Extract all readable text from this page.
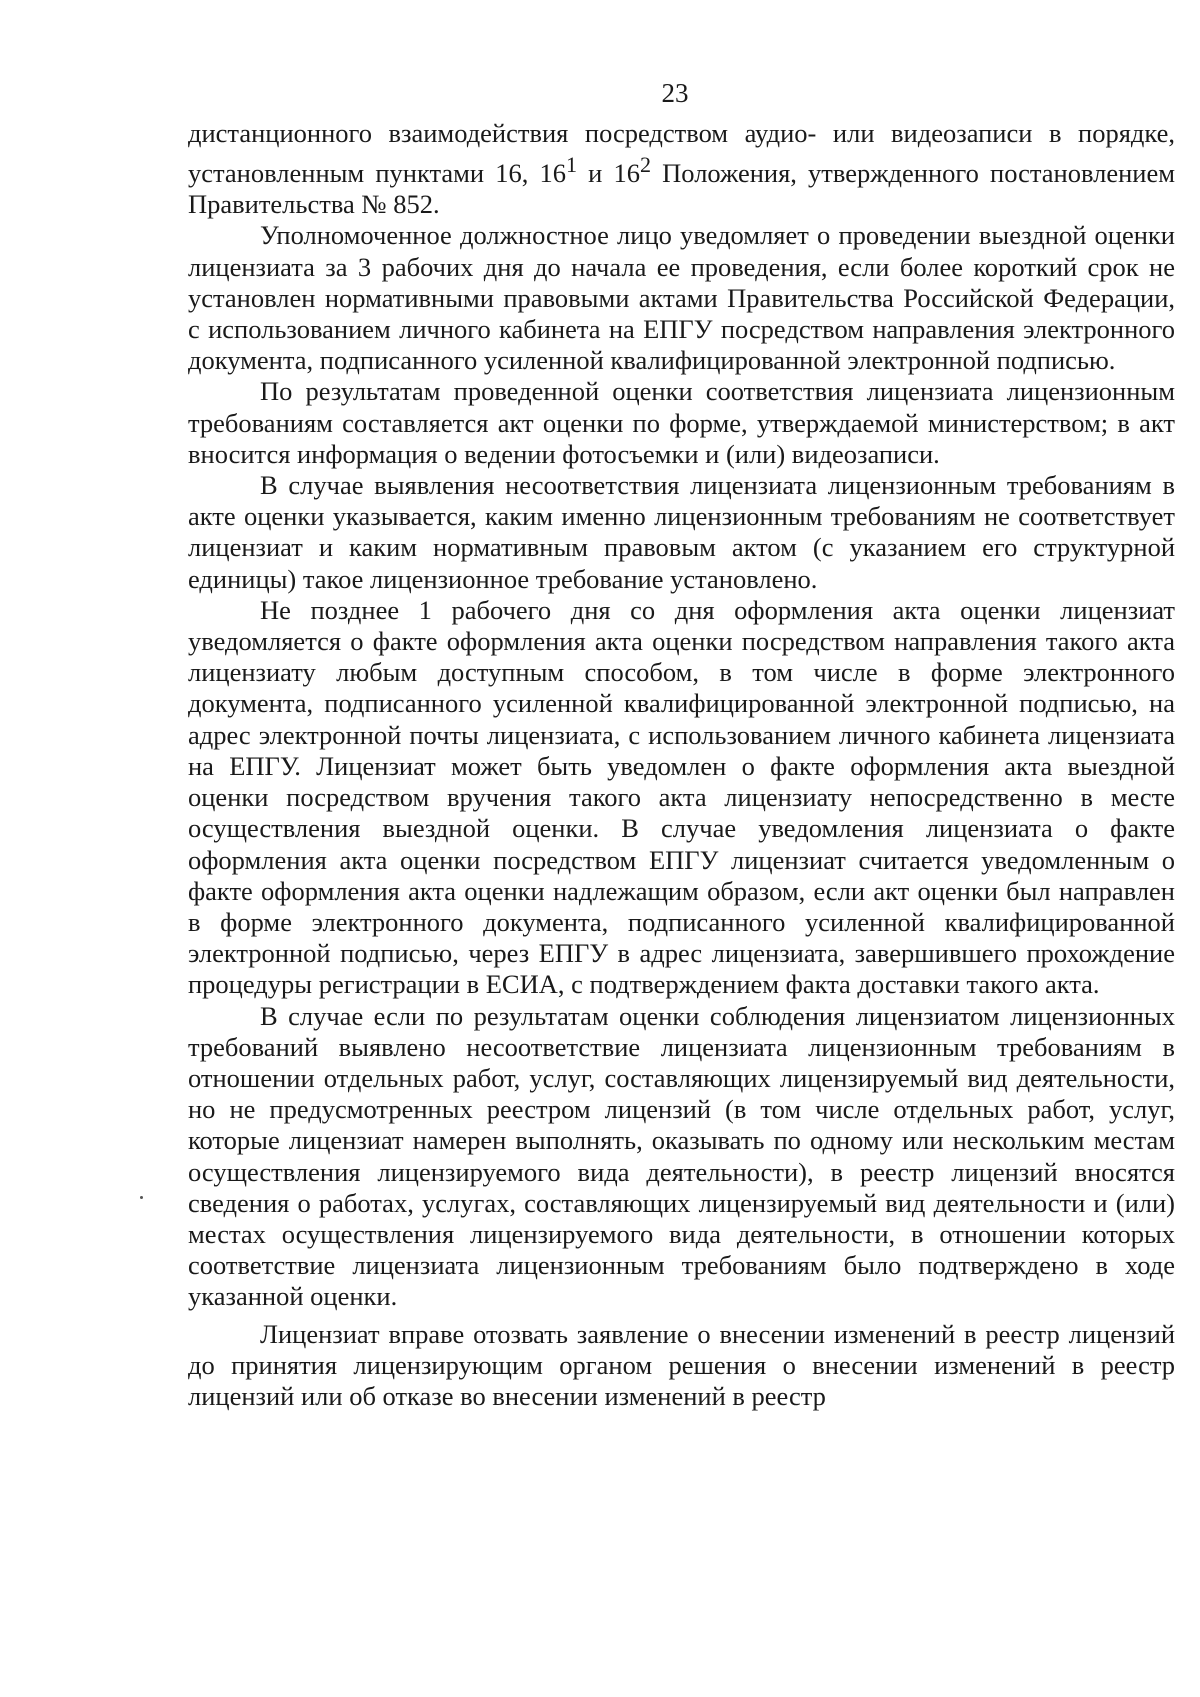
23

дистанционного взаимодействия посредством аудио- или видеозаписи в порядке, установленным пунктами 16, $16^1$ и $16^2$ Положения, утвержденного постановлением Правительства № 852.

Уполномоченное должностное лицо уведомляет о проведении выездной оценки лицензиата за 3 рабочих дня до начала ее проведения, если более короткий срок не установлен нормативными правовыми актами Правительства Российской Федерации, с использованием личного кабинета на ЕПГУ посредством направления электронного документа, подписанного усиленной квалифицированной электронной подписью.

По результатам проведенной оценки соответствия лицензиата лицензионным требованиям составляется акт оценки по форме, утверждаемой министерством; в акт вносится информация о ведении фотосъемки и (или) видеозаписи.

В случае выявления несоответствия лицензиата лицензионным требованиям в акте оценки указывается, каким именно лицензионным требованиям не соответствует лицензиат и каким нормативным правовым актом (с указанием его структурной единицы) такое лицензионное требование установлено.

Не позднее 1 рабочего дня со дня оформления акта оценки лицензиат уведомляется о факте оформления акта оценки посредством направления такого акта лицензиату любым доступным способом, в том числе в форме электронного документа, подписанного усиленной квалифицированной электронной подписью, на адрес электронной почты лицензиата, с использованием личного кабинета лицензиата на ЕПГУ. Лицензиат может быть уведомлен о факте оформления акта выездной оценки посредством вручения такого акта лицензиату непосредственно в месте осуществления выездной оценки. В случае уведомления лицензиата о факте оформления акта оценки посредством ЕПГУ лицензиат считается уведомленным о факте оформления акта оценки надлежащим образом, если акт оценки был направлен в форме электронного документа, подписанного усиленной квалифицированной электронной подписью, через ЕПГУ в адрес лицензиата, завершившего прохождение процедуры регистрации в ЕСИА, с подтверждением факта доставки такого акта.

В случае если по результатам оценки соблюдения лицензиатом лицензионных требований выявлено несоответствие лицензиата лицензионным требованиям в отношении отдельных работ, услуг, составляющих лицензируемый вид деятельности, но не предусмотренных реестром лицензий (в том числе отдельных работ, услуг, которые лицензиат намерен выполнять, оказывать по одному или нескольким местам осуществления лицензируемого вида деятельности), в реестр лицензий вносятся сведения о работах, услугах, составляющих лицензируемый вид деятельности и (или) местах осуществления лицензируемого вида деятельности, в отношении которых соответствие лицензиата лицензионным требованиям было подтверждено в ходе указанной оценки.

Лицензиат вправе отозвать заявление о внесении изменений в реестр лицензий до принятия лицензирующим органом решения о внесении изменений в реестр лицензий или об отказе во внесении изменений в реестр
